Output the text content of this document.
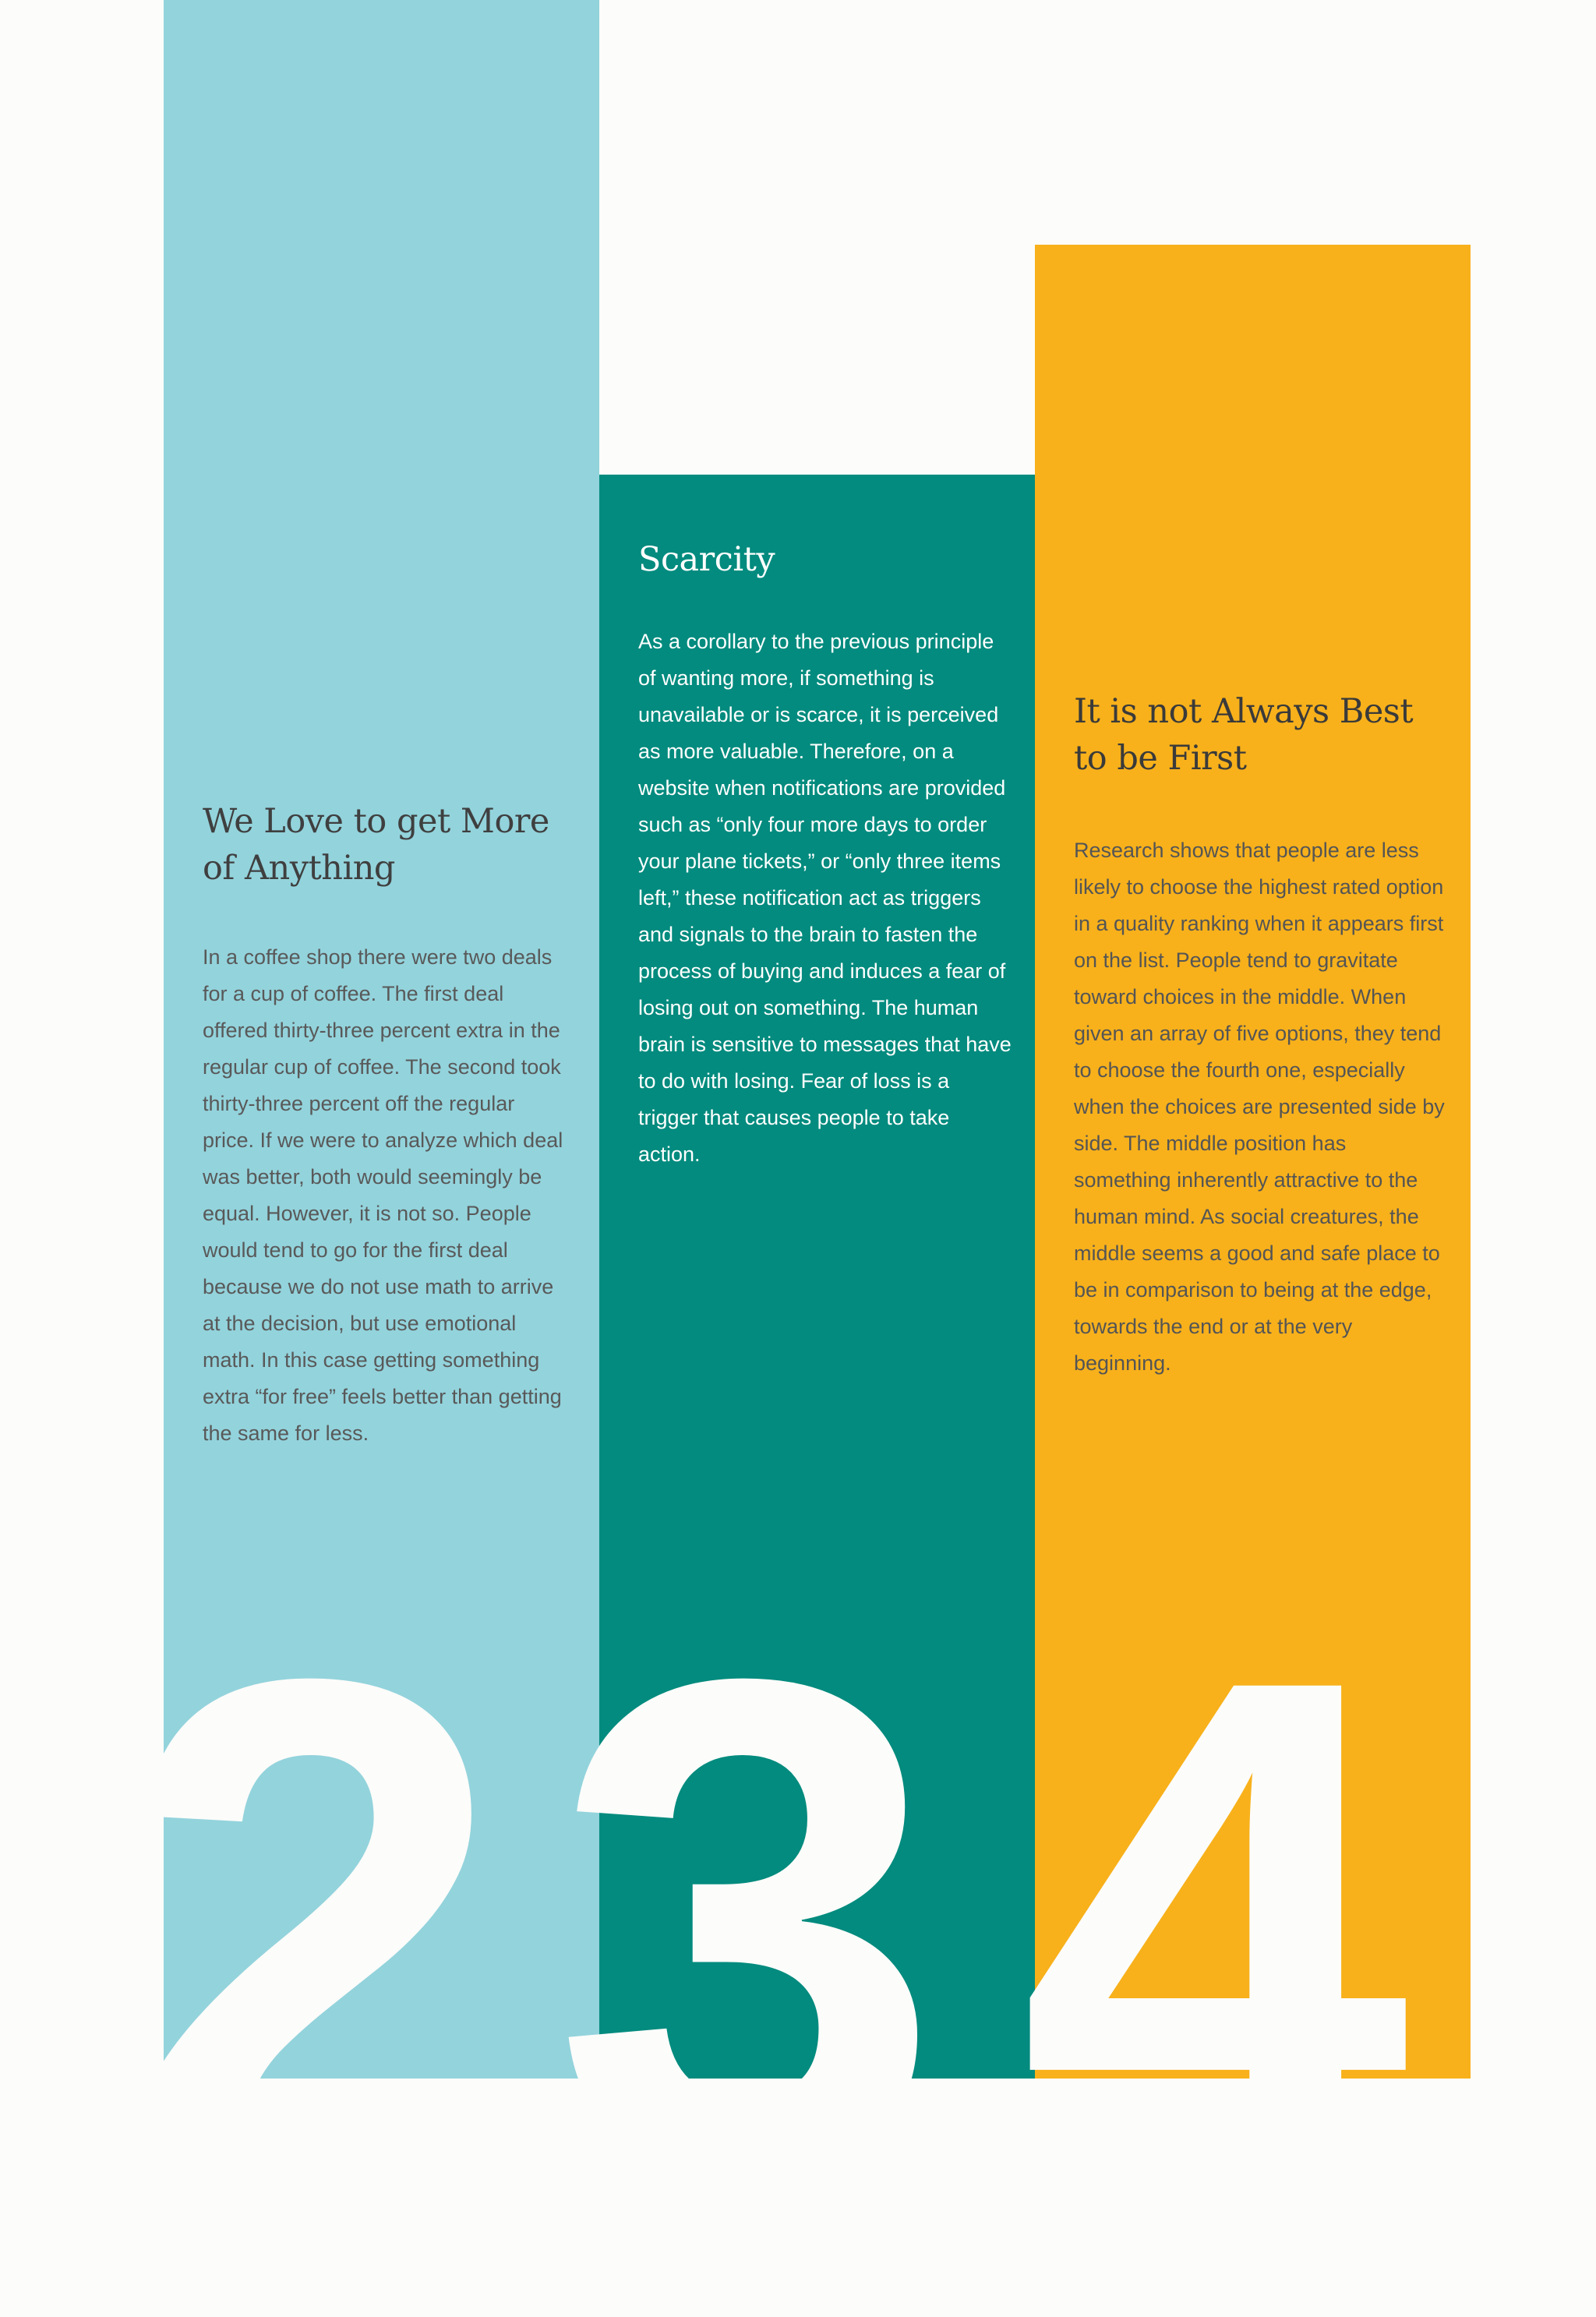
We Love to get More
of Anything

In a coffee shop there were two deals for a cup of coffee. The first deal offered thirty-three percent extra in the regular cup of coffee. The second took thirty-three percent off the regular price. If we were to analyze which deal was better, both would seemingly be equal. However, it is not so. People would tend to go for the first deal because we do not use math to arrive at the decision, but use emotional math. In this case getting something extra “for free” feels better than getting the same for less.

2
Scarcity

As a corollary to the previous principle of wanting more, if something is unavailable or is scarce, it is perceived as more valuable. Therefore, on a website when notifications are provided such as “only four more days to order your plane tickets,” or “only three items left,” these notification act as triggers and signals to the brain to fasten the process of buying and induces a fear of losing out on something. The human brain is sensitive to messages that have to do with losing. Fear of loss is a trigger that causes people to take action.

3
It is not Always Best
to be First

Research shows that people are less likely to choose the highest rated option in a quality ranking when it appears first on the list. People tend to gravitate toward choices in the middle. When given an array of five options, they tend to choose the fourth one, especially when the choices are presented side by side. The middle position has something inherently attractive to the human mind. As social creatures, the middle seems a good and safe place to be in comparison to being at the edge, towards the end or at the very beginning.

4
